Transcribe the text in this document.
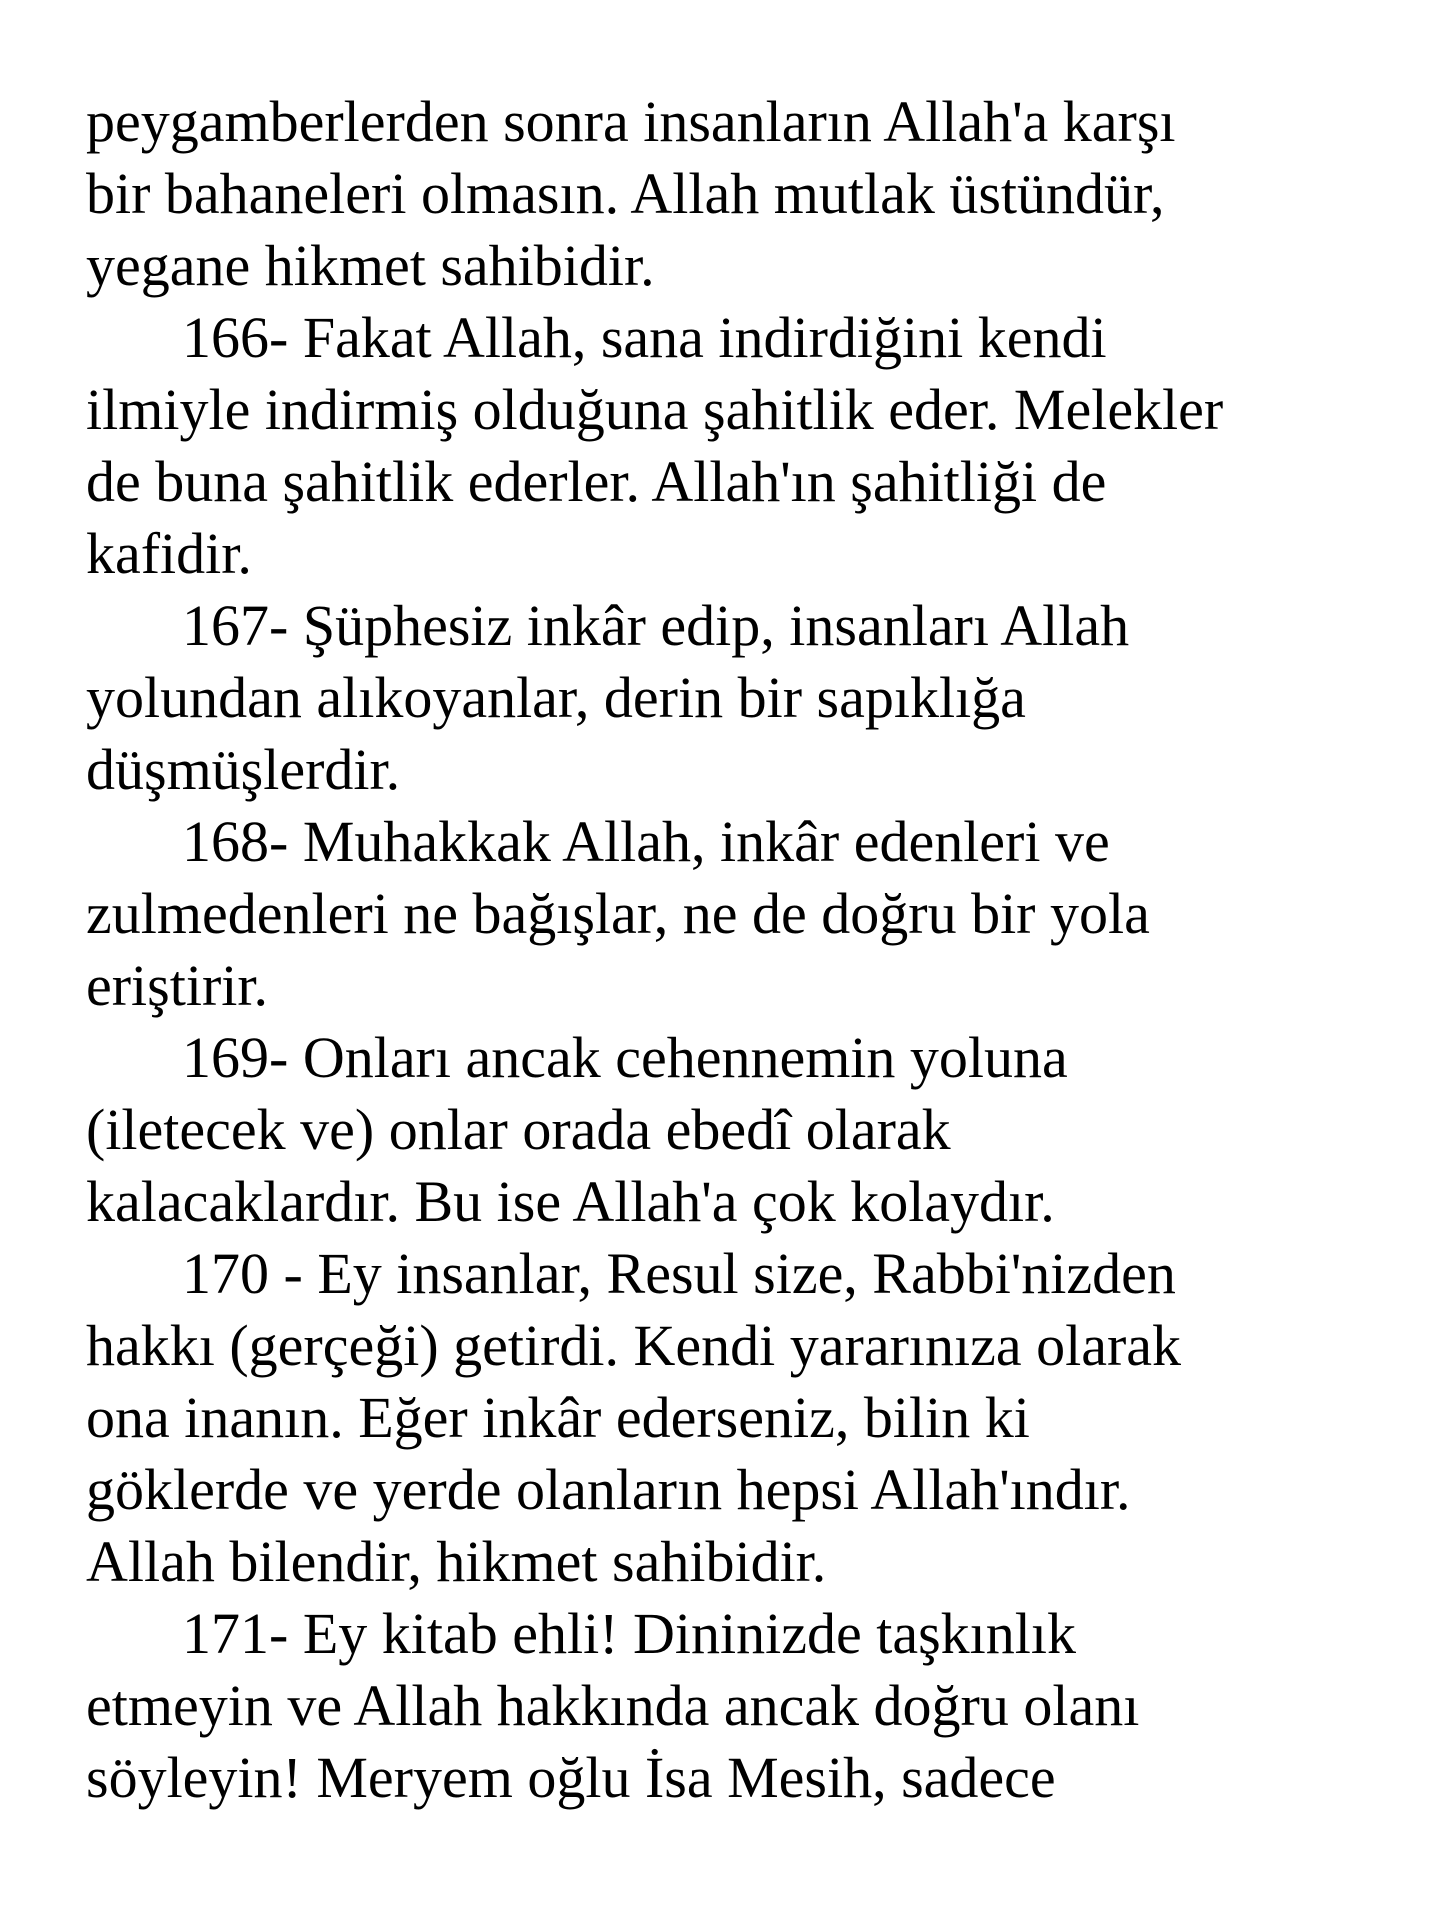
peygamberlerden sonra insanların Allah'a karşı
bir bahaneleri olmasın. Allah mutlak üstündür,
yegane hikmet sahibidir.
166- Fakat Allah, sana indirdiğini kendi
ilmiyle indirmiş olduğuna şahitlik eder. Melekler
de buna şahitlik ederler. Allah'ın şahitliği de
kafidir.
167- Şüphesiz inkâr edip, insanları Allah
yolundan alıkoyanlar, derin bir sapıklığa
düşmüşlerdir.
168- Muhakkak Allah, inkâr edenleri ve
zulmedenleri ne bağışlar, ne de doğru bir yola
eriştirir.
169- Onları ancak cehennemin yoluna
(iletecek ve) onlar orada ebedî olarak
kalacaklardır. Bu ise Allah'a çok kolaydır.
170 - Ey insanlar, Resul size, Rabbi'nizden
hakkı (gerçeği) getirdi. Kendi yararınıza olarak
ona inanın. Eğer inkâr ederseniz, bilin ki
göklerde ve yerde olanların hepsi Allah'ındır.
Allah bilendir, hikmet sahibidir.
171- Ey kitab ehli! Dininizde taşkınlık
etmeyin ve Allah hakkında ancak doğru olanı
söyleyin! Meryem oğlu İsa Mesih, sadece
